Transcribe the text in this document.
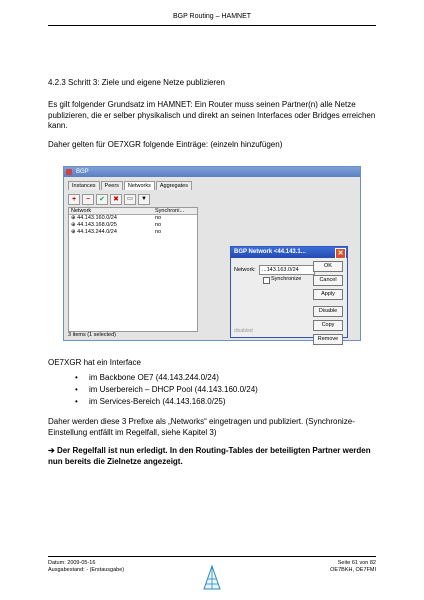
BGP Routing – HAMNET
4.2.3 Schritt 3: Ziele und eigene Netze publizieren
Es gilt folgender Grundsatz im HAMNET: Ein Router muss seinen Partner(n) alle Netze publizieren, die er selber physikalisch und direkt an seinen Interfaces oder Bridges erreichen kann.
Daher gelten für OE7XGR folgende Einträge: (einzeln hinzufügen)
BGP
Instances	Peers	Networks	Aggregates
+	−	✔	✖	▭	▼
Network	Synchroni...
⊕ 44.143.160.0/24	no
⊕ 44.143.168.0/25	no
⊕ 44.143.244.0/24	no
3 items (1 selected)
BGP Network <44.143.1...	✕
Network:	...143.163.0/24
Synchronize
OK
Cancel
Apply
Disable
Copy
Remove
disabled
OE7XGR hat ein Interface
• im Backbone OE7 (44.143.244.0/24)
• im Userbereich – DHCP Pool (44.143.160.0/24)
• im Services-Bereich (44.143.168.0/25)
Daher werden diese 3 Prefixe als „Networks“ eingetragen und publiziert. (Synchronize-Einstellung entfällt im Regelfall, siehe Kapitel 3)
➔ Der Regelfall ist nun erledigt. In den Routing-Tables der beteiligten Partner werden nun bereits die Zielnetze angezeigt.
Datum: 2009-05-16
Ausgabestand: - (Erstausgabe)
Seite 61 von 82
OE7BKH, OE7FMI
